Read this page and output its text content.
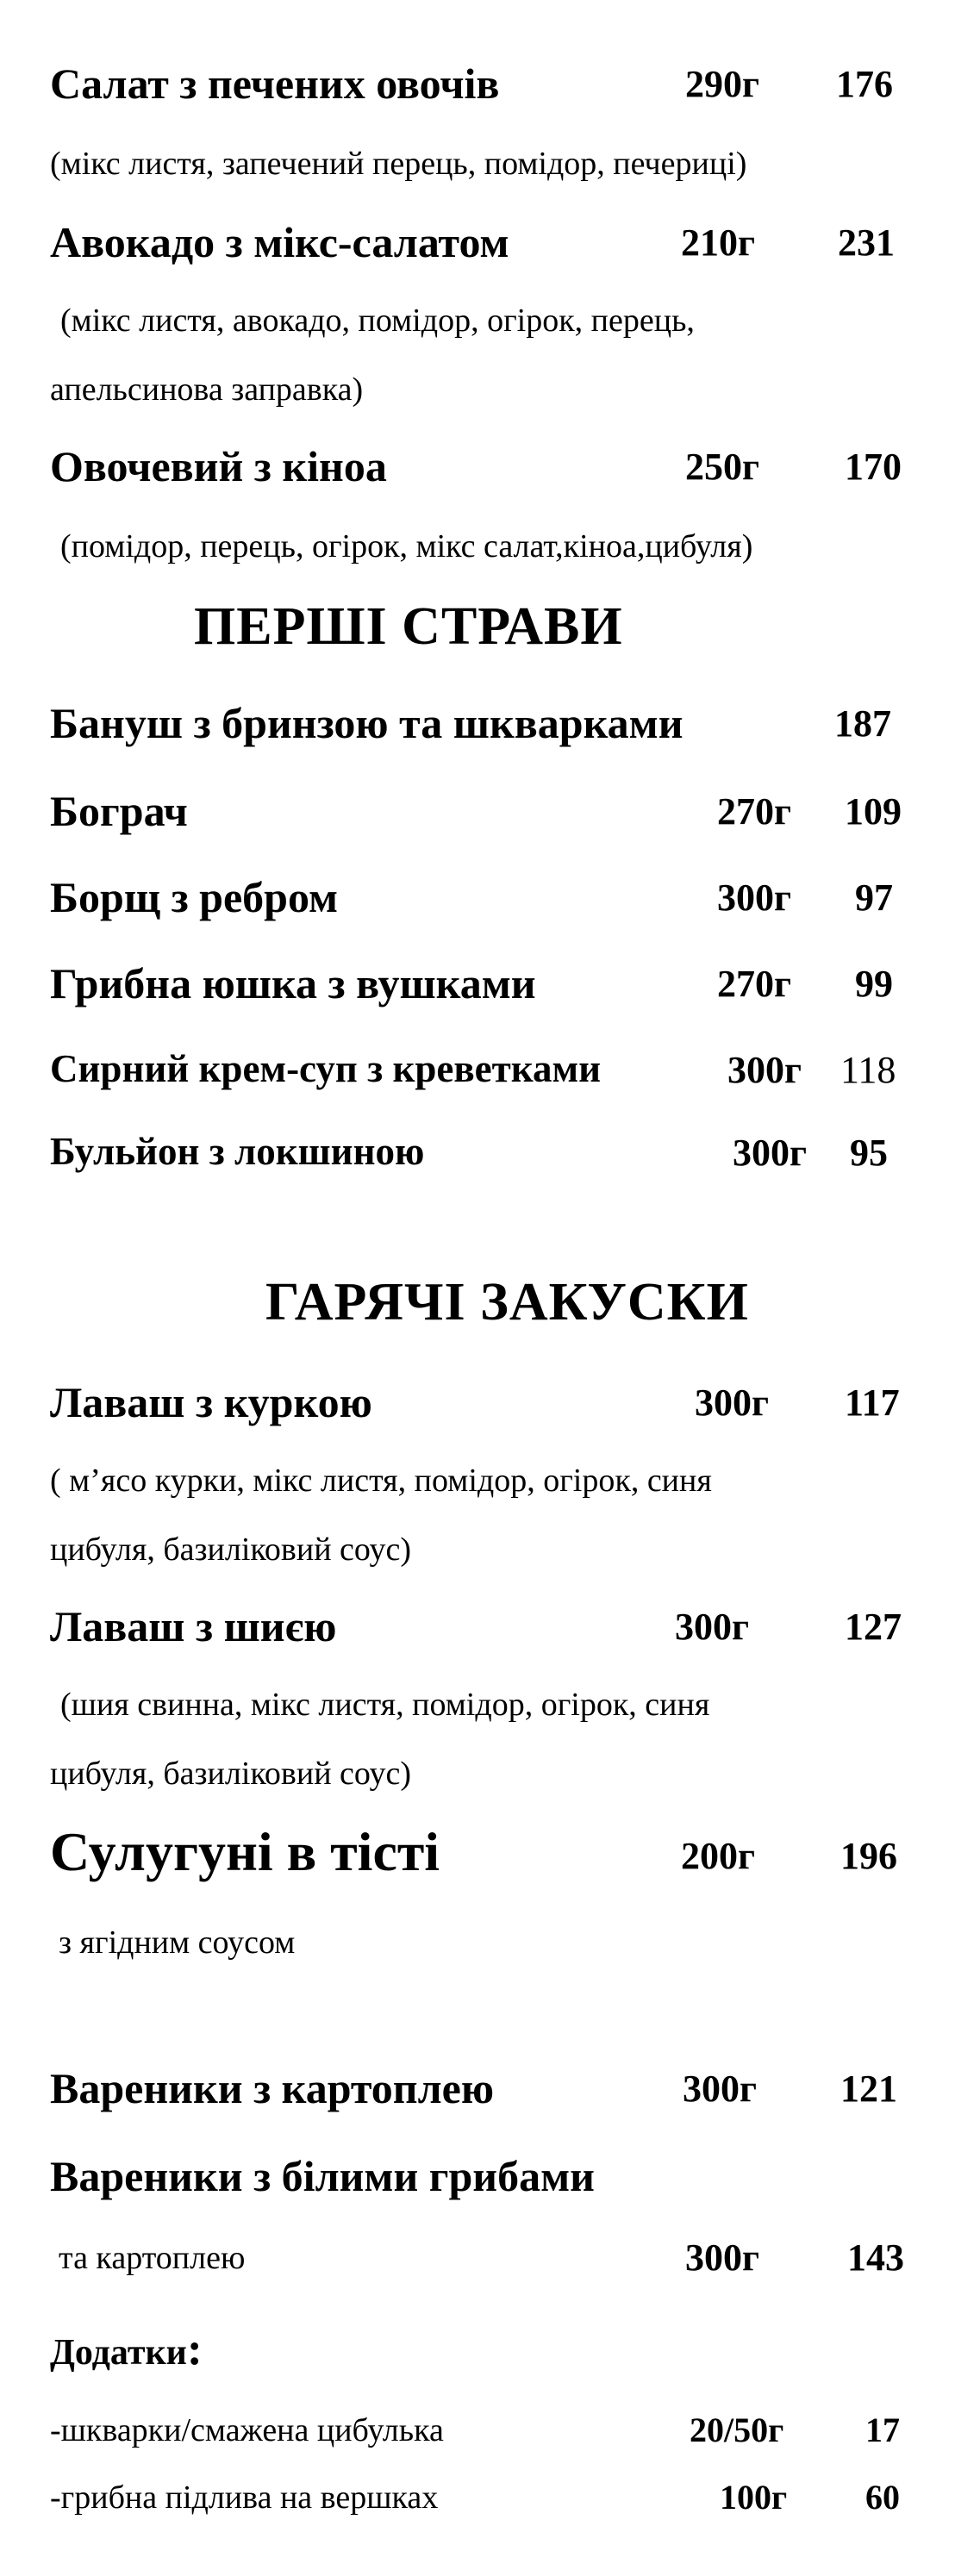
Салат з печених овочів	290г 176
(мікс листя, запечений перець, помідор, печериці)
Авокадо з мікс-салатом	210г 231
(мікс листя, авокадо, помідор, огірок, перець,
апельсинова заправка)
Овочевий з кіноа	250г 170
(помідор, перець, огірок, мікс салат,кіноа,цибуля)
ПЕРШІ СТРАВИ
Бануш з бринзою та шкварками	187
Бограч	270г 109
Борщ з ребром	300г 97
Грибна юшка з вушками	270г 99
Сирний крем-суп з креветками	300г 118
Бульйон з локшиною	300г 95
ГАРЯЧІ ЗАКУСКИ
Лаваш з куркою	300г 117
( м’ясо курки, мікс листя, помідор, огірок, синя
цибуля, базиліковий соус)
Лаваш з шиєю	300г	127
(шия свинна, мікс листя, помідор, огірок, синя
цибуля, базиліковий соус)
Сулугуні в тісті	200г 196
з ягідним соусом
Вареники з картоплею	300г 121
Вареники з білими грибами
та картоплею	300г 143
Додатки:
-шкварки/смажена цибулька	20/50г 17
-грибна підлива на вершках	100г 60
